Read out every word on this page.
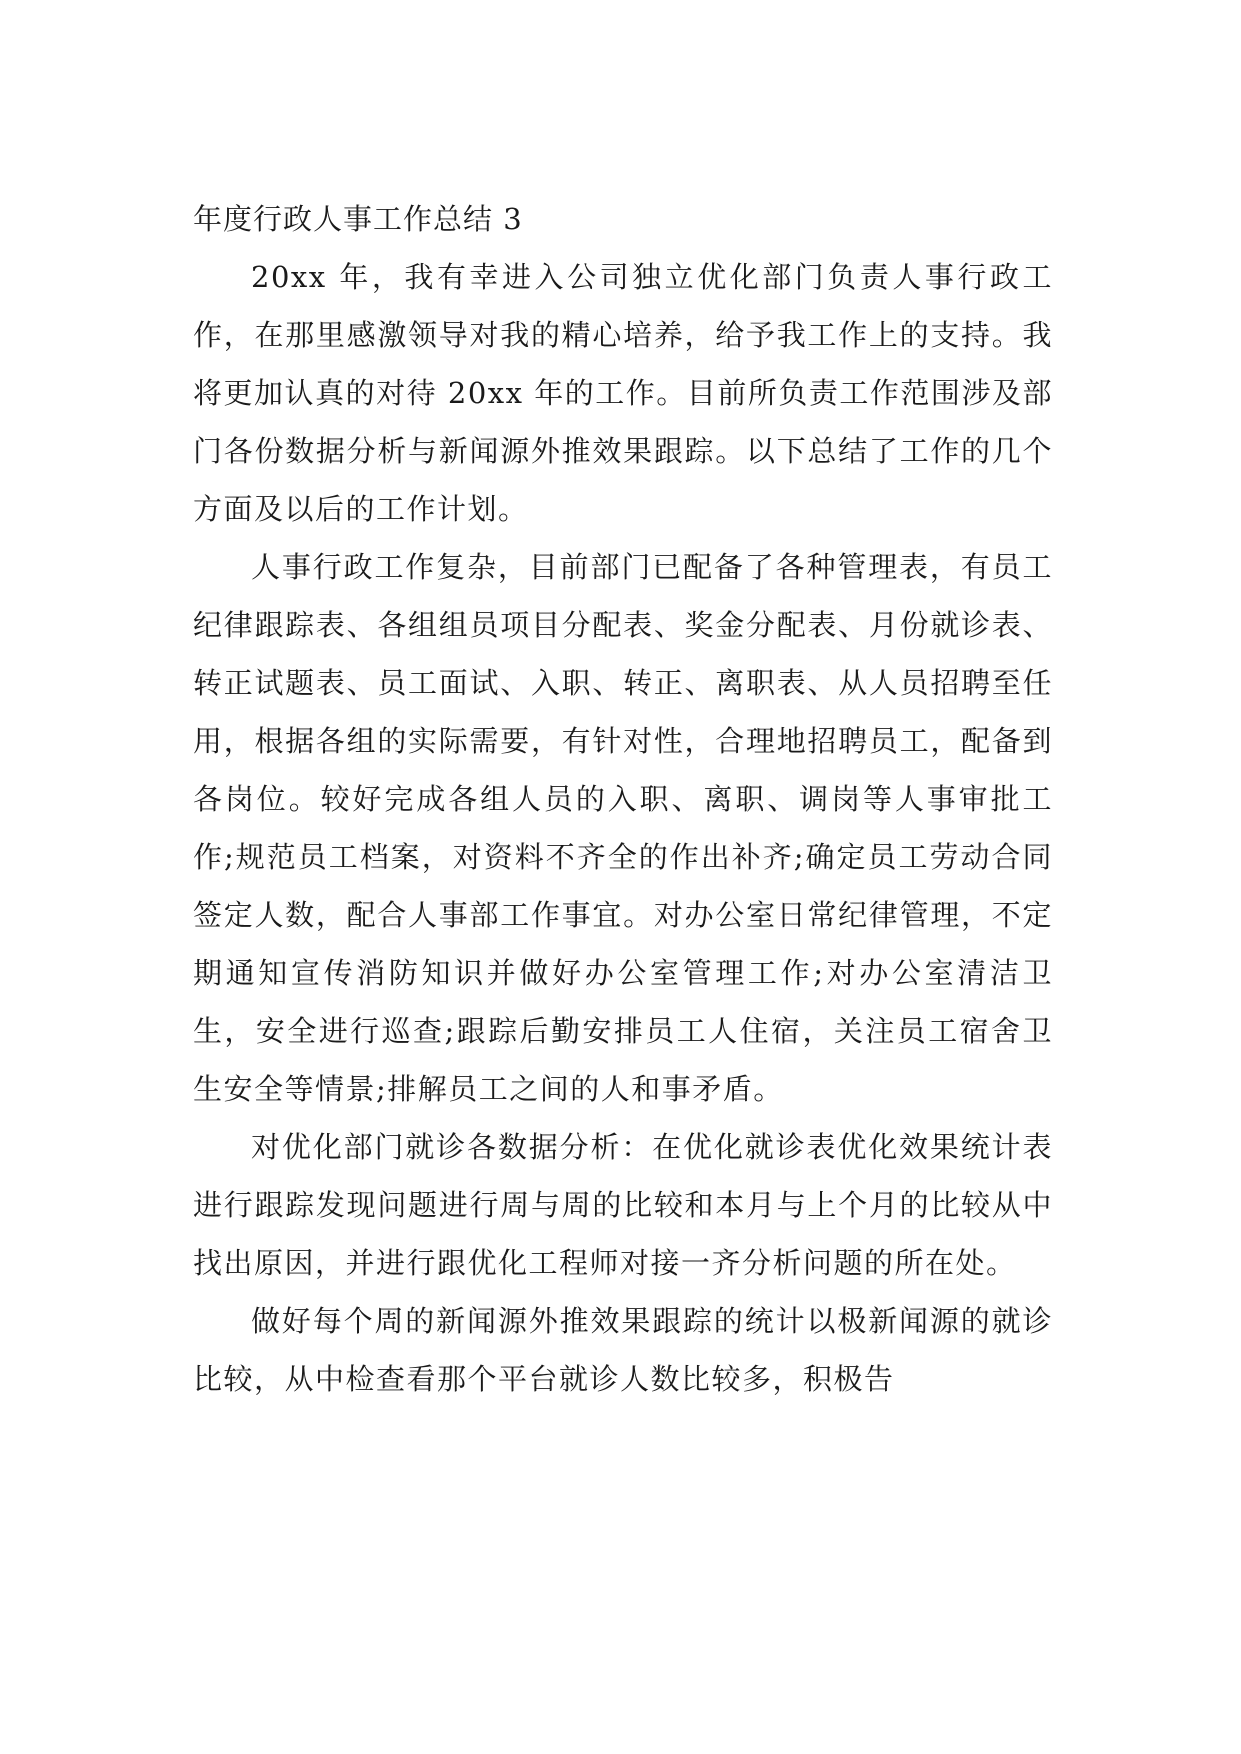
年度行政人事工作总结 3

20xx 年，我有幸进入公司独立优化部门负责人事行政工作，在那里感激领导对我的精心培养，给予我工作上的支持。我将更加认真的对待 20xx 年的工作。目前所负责工作范围涉及部门各份数据分析与新闻源外推效果跟踪。以下总结了工作的几个方面及以后的工作计划。

人事行政工作复杂，目前部门已配备了各种管理表，有员工纪律跟踪表、各组组员项目分配表、奖金分配表、月份就诊表、转正试题表、员工面试、入职、转正、离职表、从人员招聘至任用，根据各组的实际需要，有针对性，合理地招聘员工，配备到各岗位。较好完成各组人员的入职、离职、调岗等人事审批工作;规范员工档案，对资料不齐全的作出补齐;确定员工劳动合同签定人数，配合人事部工作事宜。对办公室日常纪律管理，不定期通知宣传消防知识并做好办公室管理工作;对办公室清洁卫生，安全进行巡查;跟踪后勤安排员工人住宿，关注员工宿舍卫生安全等情景;排解员工之间的人和事矛盾。

对优化部门就诊各数据分析：在优化就诊表优化效果统计表进行跟踪发现问题进行周与周的比较和本月与上个月的比较从中找出原因，并进行跟优化工程师对接一齐分析问题的所在处。

做好每个周的新闻源外推效果跟踪的统计以极新闻源的就诊比较，从中检查看那个平台就诊人数比较多，积极告
